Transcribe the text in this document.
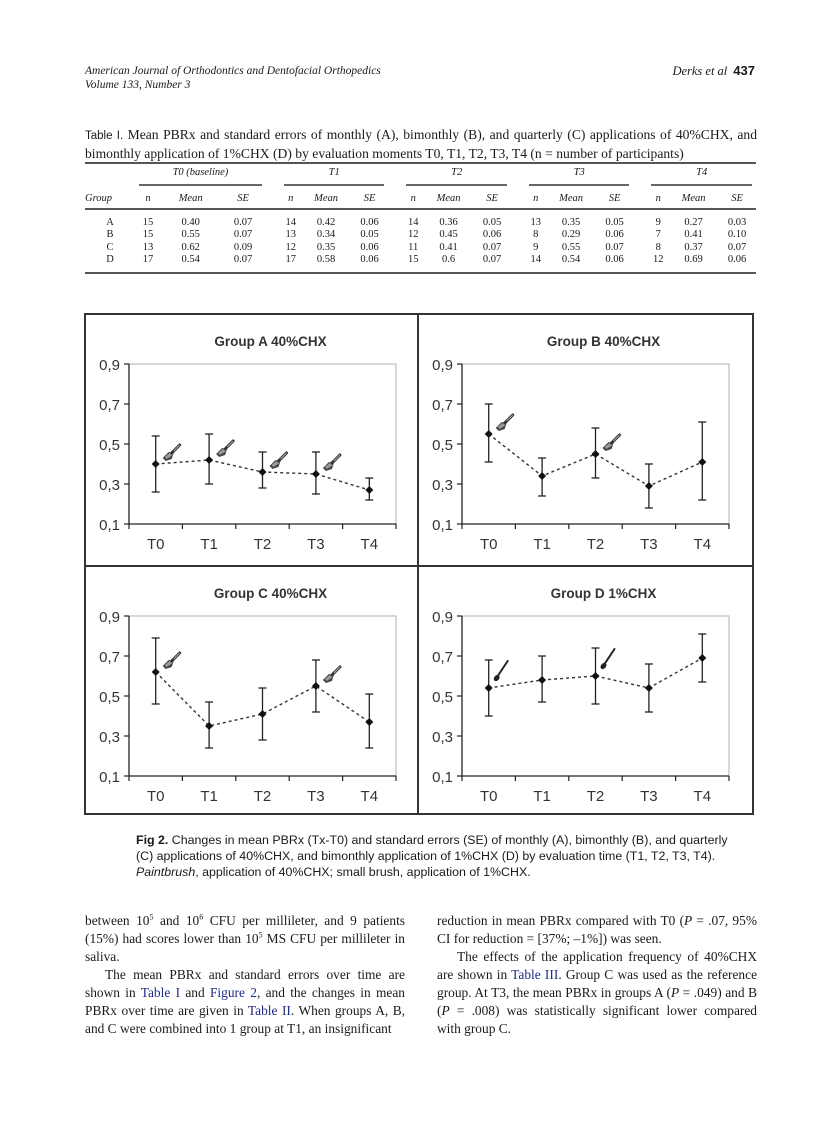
American Journal of Orthodontics and Dentofacial Orthopedics
Volume 133, Number 3
Derks et al 437
Table I. Mean PBRx and standard errors of monthly (A), bimonthly (B), and quarterly (C) applications of 40%CHX, and bimonthly application of 1%CHX (D) by evaluation moments T0, T1, T2, T3, T4 (n = number of participants)

	T0 (baseline)				T1				T2				T3				T4		

Group	n	Mean	SE		n	Mean	SE		n	Mean	SE		n	Mean	SE		n	Mean	SE
A	15	0.40	0.07		14	0.42	0.06		14	0.36	0.05		13	0.35	0.05		9	0.27	0.03
B	15	0.55	0.07		13	0.34	0.05		12	0.45	0.06		8	0.29	0.06		7	0.41	0.10
C	13	0.62	0.09		12	0.35	0.06		11	0.41	0.07		9	0.55	0.07		8	0.37	0.07
D	17	0.54	0.07		17	0.58	0.06		15	0.6	0.07		14	0.54	0.06		12	0.69	0.06
Group A 40%CHX
0,9
0,7
0,5
0,3
0,1
T0 T1 T2 T3 T4
Group B 40%CHX
0,9
0,7
0,5
0,3
0,1
T0 T1 T2 T3 T4
Group C 40%CHX
0,9
0,7
0,5
0,3
0,1
T0 T1 T2 T3 T4
Group D 1%CHX
0,9
0,7
0,5
0,3
0,1
T0 T1 T2 T3 T4
Fig 2. Changes in mean PBRx (Tx-T0) and standard errors (SE) of monthly (A), bimonthly (B), and quarterly (C) applications of 40%CHX, and bimonthly application of 1%CHX (D) by evaluation time (T1, T2, T3, T4). Paintbrush, application of 40%CHX; small brush, application of 1%CHX.

between $10^5$ and $10^6$ CFU per millileter, and 9 patients (15%) had scores lower than $10^5$ MS CFU per millileter in saliva.

The mean PBRx and standard errors over time are shown in Table I and Figure 2, and the changes in mean PBRx over time are given in Table II. When groups A, B, and C were combined into 1 group at T1, an insignificant

reduction in mean PBRx compared with T0 (P = .07, 95% CI for reduction = [37%; –1%]) was seen.

The effects of the application frequency of 40%CHX are shown in Table III. Group C was used as the reference group. At T3, the mean PBRx in groups A (P = .049) and B (P = .008) was statistically significant lower compared with group C.
